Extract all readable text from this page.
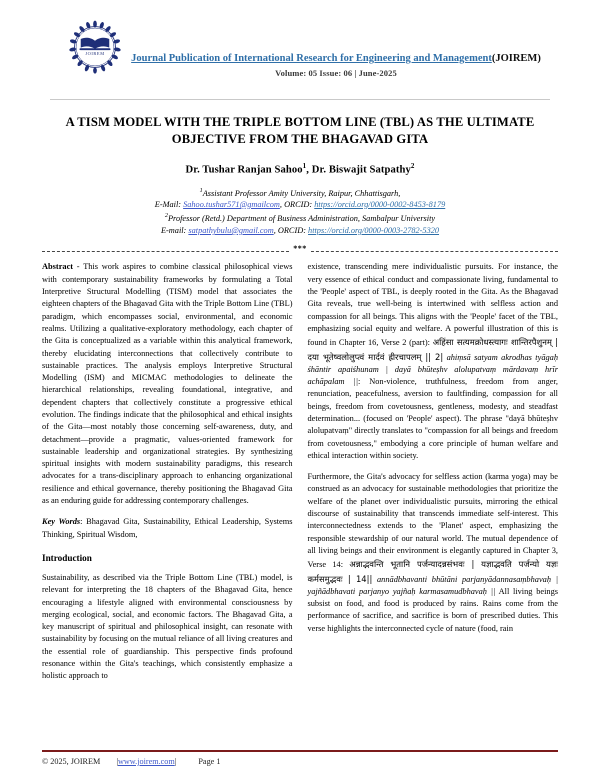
JOIREM	Journal Publication of International Research for Engineering and Management(JOIREM)
Volume: 05 Issue: 06 | June-2025
A TISM MODEL WITH THE TRIPLE BOTTOM LINE (TBL) AS THE ULTIMATE OBJECTIVE FROM THE BHAGAVAD GITA
Dr. Tushar Ranjan Sahoo$^1$, Dr. Biswajit Satpathy$^2$
$^1$Assistant Professor Amity University, Raipur, Chhattisgarh,
E-Mail: Sahoo.tushar571@gmailcom, ORCID: https://orcid.org/0000-0002-8453-8179
$^2$Professor (Retd.) Department of Business Administration, Sambalpur University
E-mail: satpathybulu@gmail.com, ORCID: https://orcid.org/0000-0003-2782-5320
***

Abstract - This work aspires to combine classical philosophical views with contemporary sustainability frameworks by formulating a Total Interpretive Structural Modelling (TISM) model that associates the eighteen chapters of the Bhagavad Gita with the Triple Bottom Line (TBL) paradigm, which encompasses social, environmental, and economic realms. Utilizing a qualitative-exploratory methodology, each chapter of the Gita is conceptualized as a variable within this analytical framework, thereby elucidating interconnections that collectively contribute to sustainable practices. The analysis employs Interpretive Structural Modelling (ISM) and MICMAC methodologies to delineate the hierarchical relationships, revealing foundational, integrative, and dependent chapters that collectively constitute a progressive ethical evolution. The findings indicate that the philosophical and ethical insights of the Gita—most notably those concerning self-awareness, duty, and detachment—provide a pragmatic, values-oriented framework for sustainable leadership and organizational strategies. By synthesizing spiritual insights with modern sustainability paradigms, this research advocates for a trans-disciplinary approach to enhancing organizational resilience and ethical governance, thereby positioning the Bhagavad Gita as an enduring guide for addressing contemporary challenges.

Key Words: Bhagavad Gita, Sustainability, Ethical Leadership, Systems Thinking, Spiritual Wisdom,

Introduction

Sustainability, as described via the Triple Bottom Line (TBL) model, is relevant for interpreting the 18 chapters of the Bhagavad Gita, hence encouraging a lifestyle aligned with environmental consciousness by merging ecological, social, and economic factors. The Bhagavad Gita, a key manuscript of spiritual and philosophical insight, can resonate with sustainability by focusing on the mutual reliance of all living creatures and the essential role of guardianship. This perspective finds profound resonance within the Gita's teachings, which consistently emphasize a holistic approach to

existence, transcending mere individualistic pursuits. For instance, the very essence of ethical conduct and compassionate living, fundamental to the 'People' aspect of TBL, is deeply rooted in the Gita. As the Bhagavad Gita reveals, true well-being is intertwined with selfless action and compassion for all beings. This aligns with the 'People' facet of the TBL, emphasizing social equity and welfare. A powerful illustration of this is found in Chapter 16, Verse 2 (part): अहिंसा सत्यमक्रोधस्त्यागः शान्तिरपैशुनम् | दया भूतेष्वलोलुप्त्वं मार्दवं ह्रीरचापलम् || 2| ahiṃsā satyam akrodhas tyāgaḥ śhāntir apaiśhunam | dayā bhūteṣhv alolupatvaṃ mārdavaṃ hrīr achāpalam ||: Non-violence, truthfulness, freedom from anger, renunciation, peacefulness, aversion to faultfinding, compassion for all beings, freedom from covetousness, gentleness, modesty, and steadfast determination... (focused on 'People' aspect). The phrase "dayā bhūteṣhv alolupatvaṃ" directly translates to "compassion for all beings and freedom from covetousness," embodying a core principle of human welfare and ethical interaction within society.

Furthermore, the Gita's advocacy for selfless action (karma yoga) may be construed as an advocacy for sustainable methodologies that prioritize the welfare of the planet over individualistic pursuits, mirroring the ethical discourse of sustainability that transcends immediate self-interest. This interconnectedness extends to the 'Planet' aspect, emphasizing the responsible stewardship of our natural world. The mutual dependence of all living beings and their environment is elegantly captured in Chapter 3, Verse 14: अन्नाद्भवन्ति भूतानि पर्जन्यादन्नसंभवः | यज्ञाद्भवति पर्जन्यो यज्ञः कर्मसमुद्भवः | 14|| annādbhavanti bhūtāni parjanyādannasaṃbhavaḥ | yajñādbhavati parjanyo yajñaḥ karmasamudbhavaḥ || All living beings subsist on food, and food is produced by rains. Rains come from the performance of sacrifice, and sacrifice is born of prescribed duties. This verse highlights the interconnected cycle of nature (food, rain

© 2025, JOIREM |www.joirem.com|	Page 1
